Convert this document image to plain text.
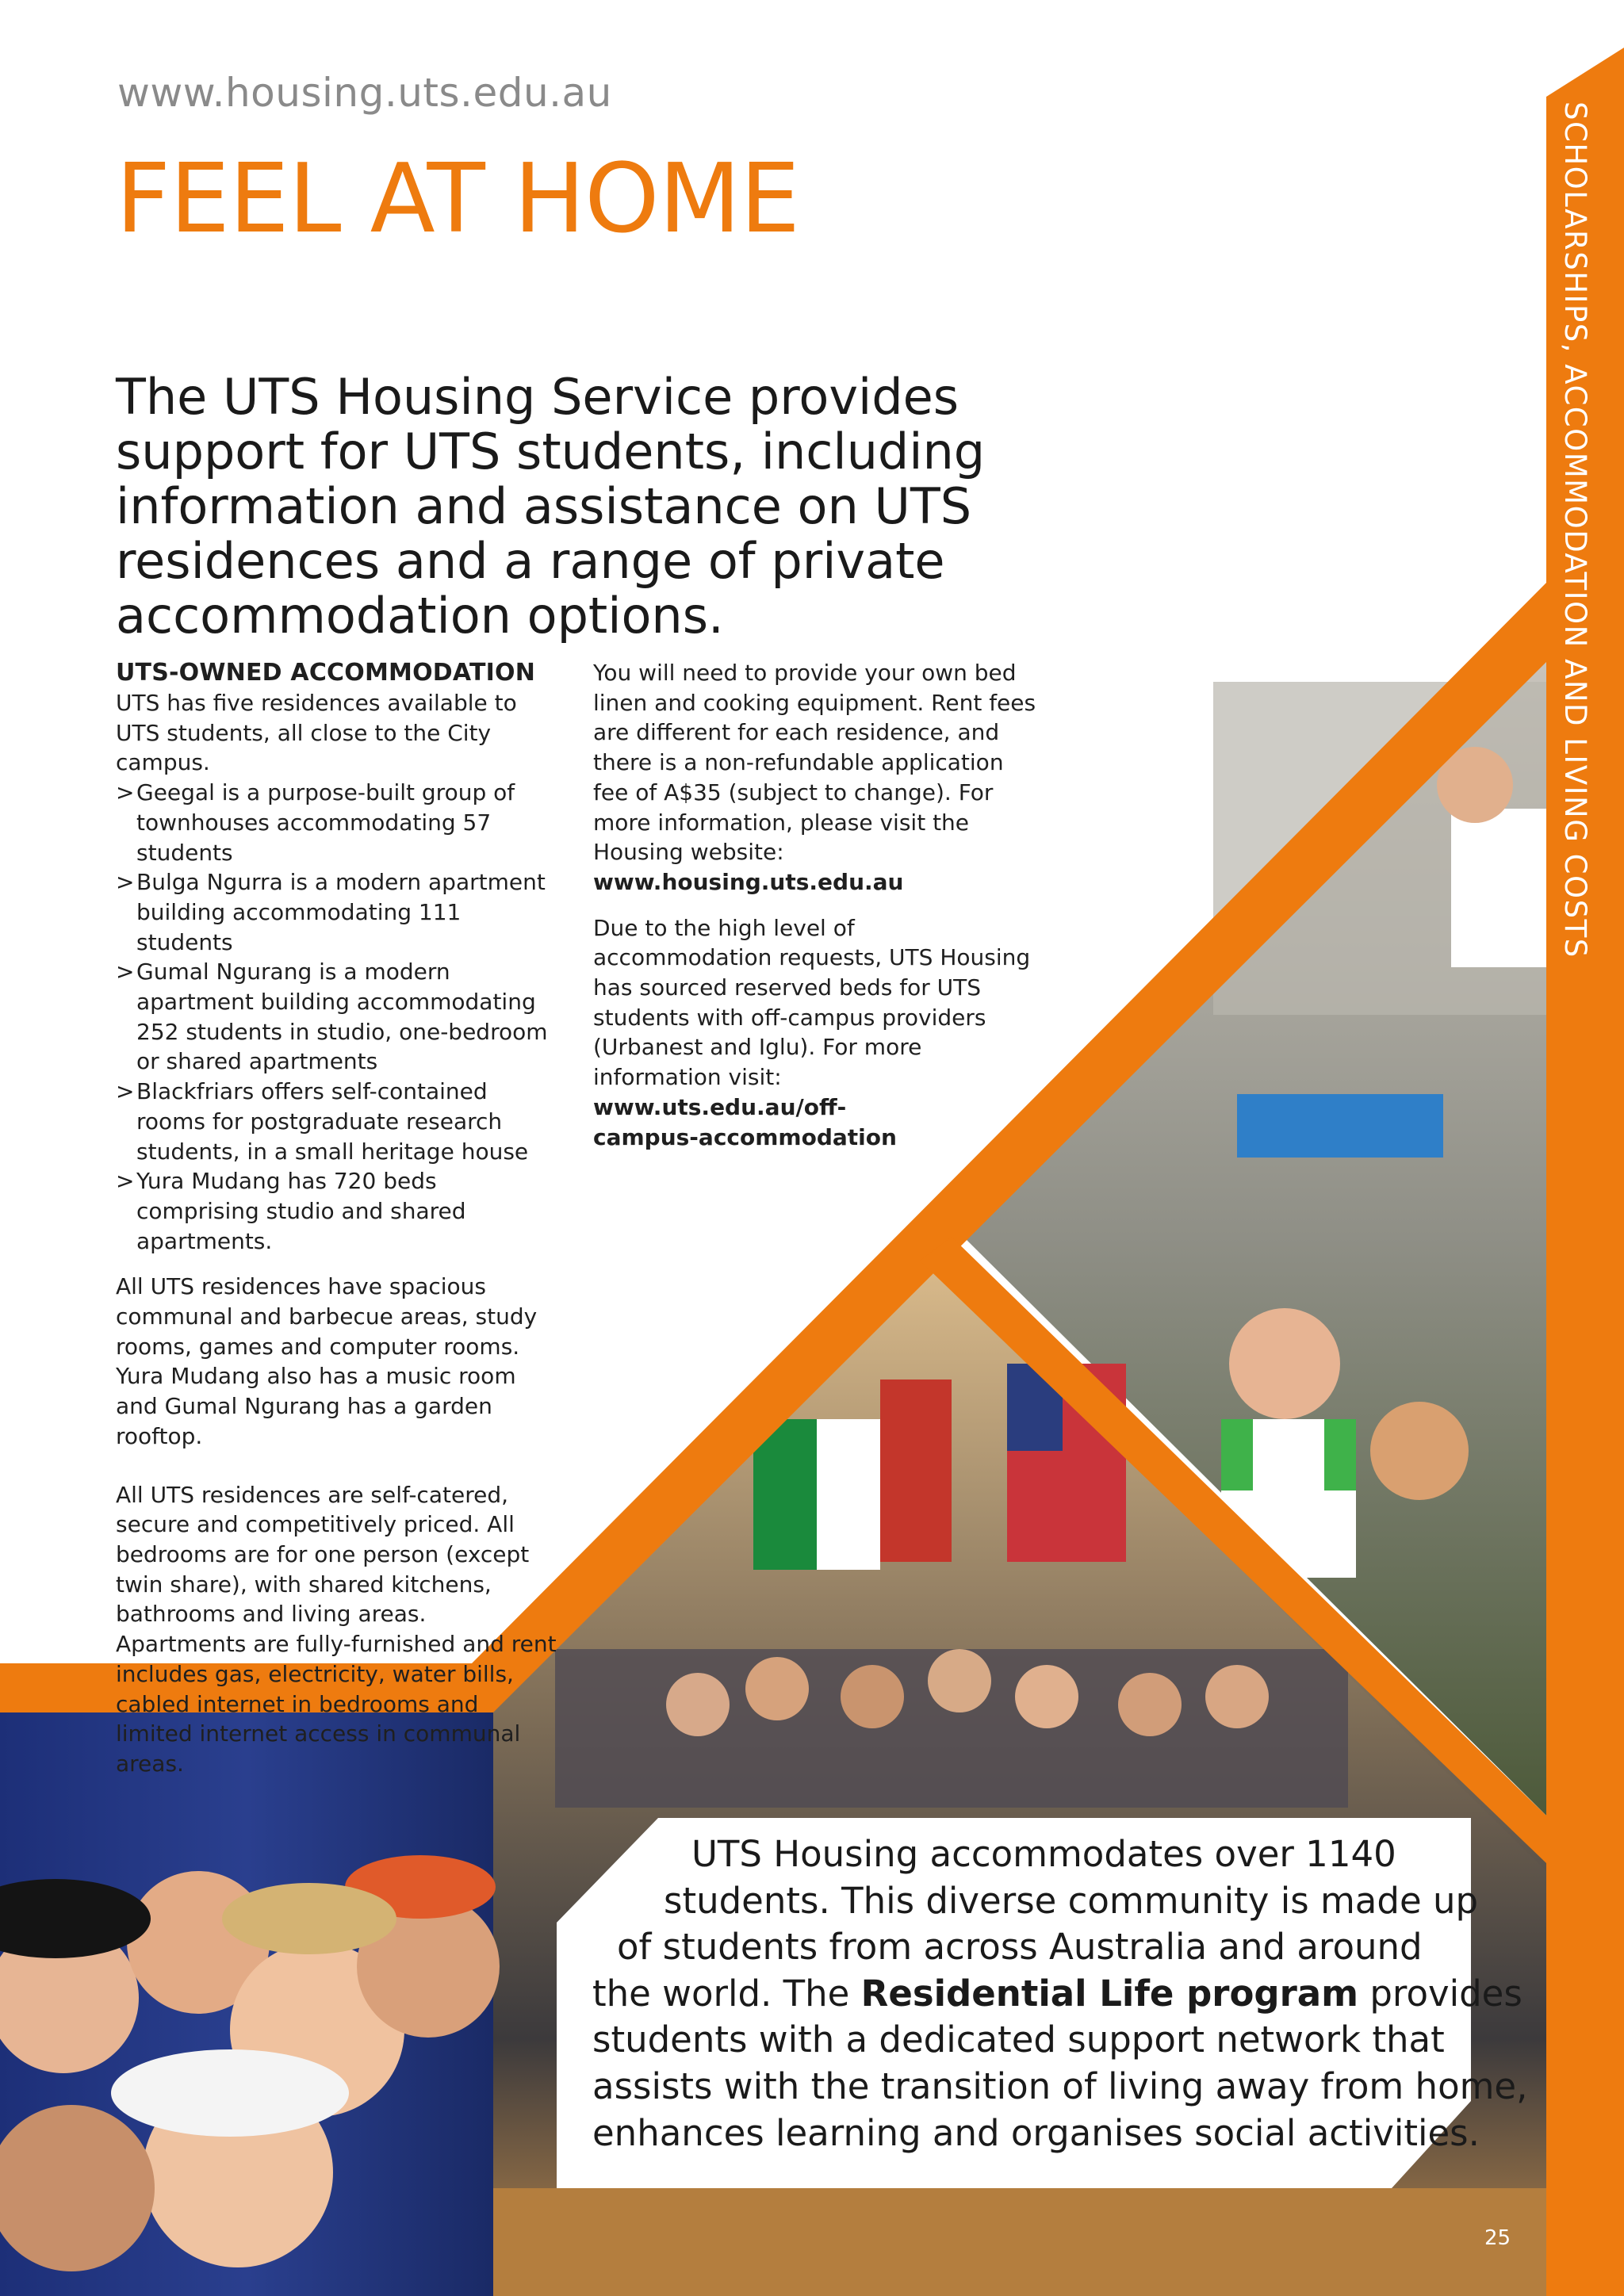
www.housing.uts.edu.au
FEEL AT HOME
The UTS Housing Service provides support for UTS students, including information and assistance on UTS residences and a range of private accommodation options.
UTS-OWNED ACCOMMODATION
UTS has five residences available to UTS students, all close to the City campus.
> Geegal is a purpose-built group of townhouses accommodating 57 students
> Bulga Ngurra is a modern apartment building accommodating 111 students
> Gumal Ngurang is a modern apartment building accommodating 252 students in studio, one-bedroom or shared apartments
> Blackfriars offers self-contained rooms for postgraduate research students, in a small heritage house
> Yura Mudang has 720 beds comprising studio and shared apartments.

All UTS residences have spacious communal and barbecue areas, study rooms, games and computer rooms. Yura Mudang also has a music room and Gumal Ngurang has a garden rooftop.

All UTS residences are self-catered, secure and competitively priced. All bedrooms are for one person (except twin share), with shared kitchens, bathrooms and living areas. Apartments are fully-furnished and rent includes gas, electricity, water bills, cabled internet in bedrooms and limited internet access in communal areas.

You will need to provide your own bed linen and cooking equipment. Rent fees are different for each residence, and there is a non-refundable application fee of A$35 (subject to change). For more information, please visit the Housing website:

www.housing.uts.edu.au

Due to the high level of accommodation requests, UTS Housing has sourced reserved beds for UTS students with off-campus providers (Urbanest and Iglu). For more information visit:

www.uts.edu.au/off-campus-accommodation

SCHOLARSHIPS, ACCOMMODATION AND LIVING COSTS
UTS Housing accommodates over 1140
students. This diverse community is made up
of students from across Australia and around
the world. The Residential Life program provides
students with a dedicated support network that
assists with the transition of living away from home,
enhances learning and organises social activities.
25
